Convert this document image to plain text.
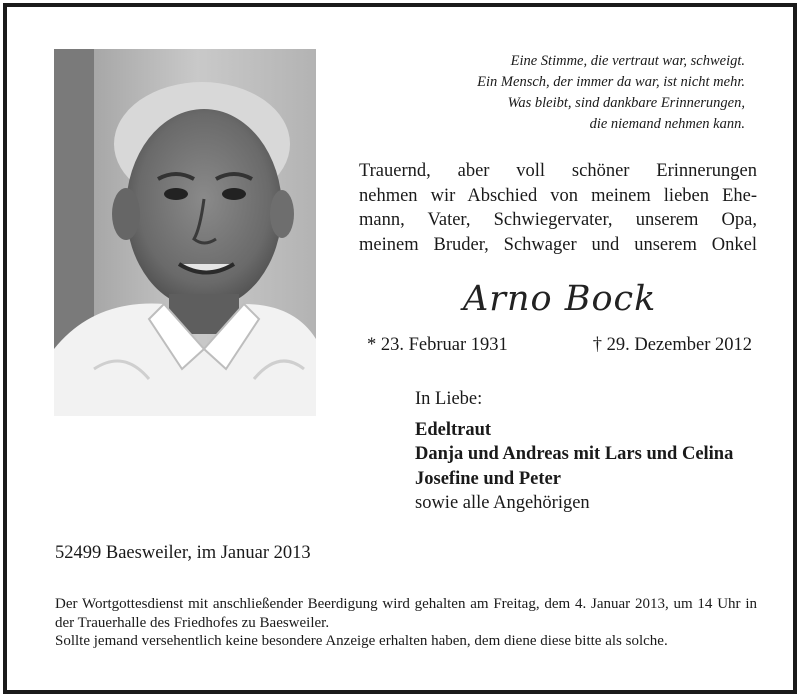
Eine Stimme, die vertraut war, schweigt.
Ein Mensch, der immer da war, ist nicht mehr.
Was bleibt, sind dankbare Erinnerungen,
die niemand nehmen kann.
Trauernd, aber voll schöner Erinnerungen
nehmen wir Abschied von meinem lieben Ehe-
mann, Vater, Schwiegervater, unserem Opa,
meinem Bruder, Schwager und unserem Onkel
Arno Bock
* 23. Februar 1931	† 29. Dezember 2012
In Liebe:
Edeltraut
Danja und Andreas mit Lars und Celina
Josefine und Peter
sowie alle Angehörigen
52499 Baesweiler, im Januar 2013

Der Wortgottesdienst mit anschließender Beerdigung wird gehalten am Freitag, dem 4. Januar 2013, um 14 Uhr in der Trauerhalle des Friedhofes zu Baesweiler.

Sollte jemand versehentlich keine besondere Anzeige erhalten haben, dem diene diese bitte als solche.
